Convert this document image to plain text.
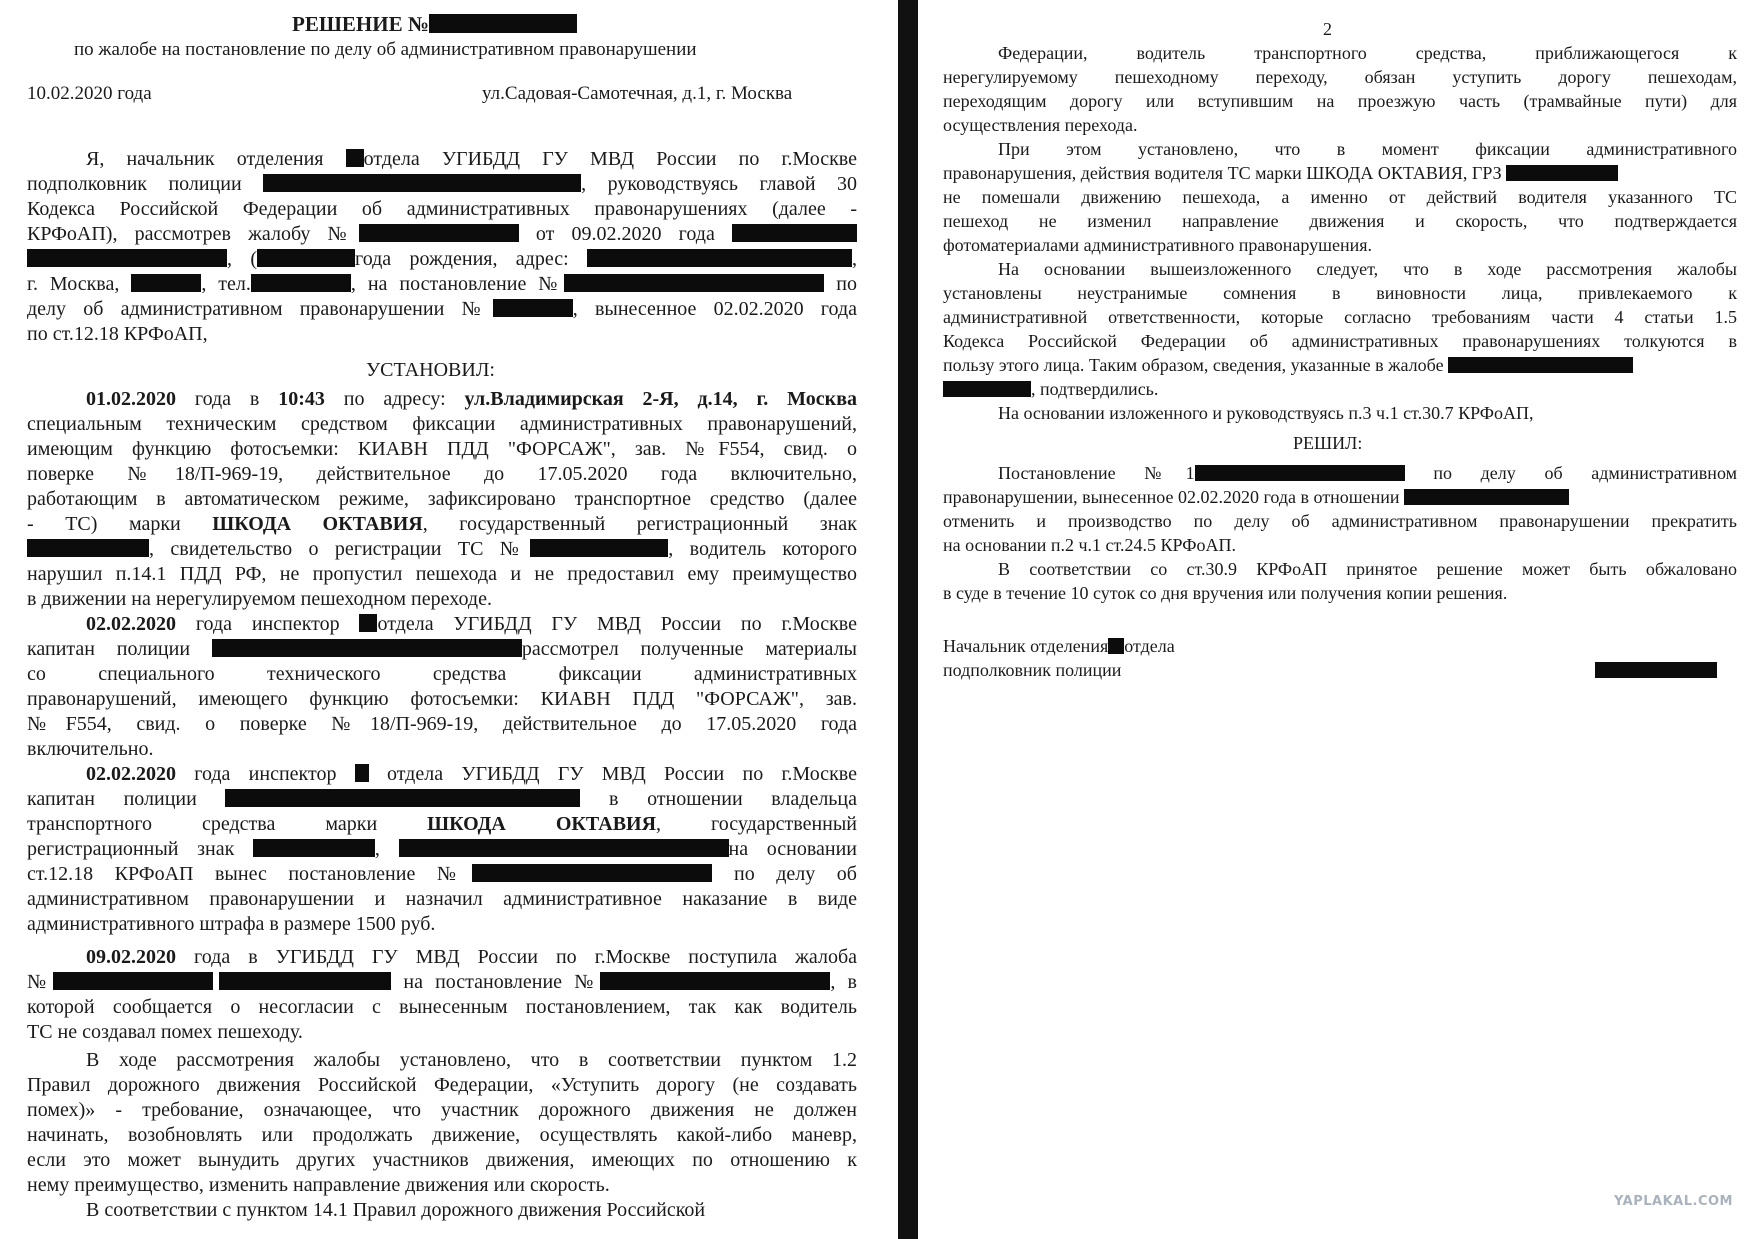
РЕШЕНИЕ №
по жалобе на постановление по делу об административном правонарушении
10.02.2020 года	ул.Садовая-Самотечная, д.1, г. Москва
Я, начальник отделения отдела УГИБДД ГУ МВД России по г.Москве
подполковник полиции	, руководствуясь главой 30
Кодекса Российской Федерации об административных правонарушениях (далее -
КРФоАП), рассмотрев жалобу №	от 09.02.2020 года
, (	года рождения, адрес:	,
г. Москва,	, тел.	, на постановление №	по
делу об административном правонарушении №	, вынесенное 02.02.2020 года
по ст.12.18 КРФоАП,
УСТАНОВИЛ:
01.02.2020 года в 10:43 по адресу: ул.Владимирская 2-Я, д.14, г. Москва
специальным техническим средством фиксации административных правонарушений,
имеющим функцию фотосъемки: КИАВН ПДД "ФОРСАЖ", зав. №F554, свид. о
поверке №18/П-969-19, действительное до 17.05.2020 года включительно,
работающим в автоматическом режиме, зафиксировано транспортное средство (далее
- ТС) марки ШКОДА ОКТАВИЯ, государственный регистрационный знак
, свидетельство о регистрации ТС №	, водитель которого
нарушил п.14.1 ПДД РФ, не пропустил пешехода и не предоставил ему преимущество
в движении на нерегулируемом пешеходном переходе.
02.02.2020 года инспектор отдела УГИБДД ГУ МВД России по г.Москве
капитан полиции	рассмотрел полученные материалы
со специального технического средства фиксации административных
правонарушений, имеющего функцию фотосъемки: КИАВН ПДД "ФОРСАЖ", зав.
№F554, свид. о поверке №18/П-969-19, действительное до 17.05.2020 года
включительно.
02.02.2020 года инспектор  отдела УГИБДД ГУ МВД России по г.Москве
капитан полиции	в отношении владельца
транспортного средства марки ШКОДА ОКТАВИЯ, государственный
регистрационный знак	,	на основании
ст.12.18 КРФоАП вынес постановление №	по делу об
административном правонарушении и назначил административное наказание в виде
административного штрафа в размере 1500 руб.
09.02.2020 года в УГИБДД ГУ МВД России по г.Москве поступила жалоба
№	на постановление №	, в
которой сообщается о несогласии с вынесенным постановлением, так как водитель
ТС не создавал помех пешеходу.
В ходе рассмотрения жалобы установлено, что в соответствии пунктом 1.2
Правил дорожного движения Российской Федерации, «Уступить дорогу (не создавать
помех)» - требование, означающее, что участник дорожного движения не должен
начинать, возобновлять или продолжать движение, осуществлять какой-либо маневр,
если это может вынудить других участников движения, имеющих по отношению к
нему преимущество, изменить направление движения или скорость.
В соответствии с пунктом 14.1 Правил дорожного движения Российской
2
Федерации, водитель транспортного средства, приближающегося к
нерегулируемому пешеходному переходу, обязан уступить дорогу пешеходам,
переходящим дорогу или вступившим на проезжую часть (трамвайные пути) для
осуществления перехода.
При этом установлено, что в момент фиксации административного
правонарушения, действия водителя ТС марки ШКОДА ОКТАВИЯ, ГРЗ
не помешали движению пешехода, а именно от действий водителя указанного ТС
пешеход не изменил направление движения и скорость, что подтверждается
фотоматериалами административного правонарушения.
На основании вышеизложенного следует, что в ходе рассмотрения жалобы
установлены неустранимые сомнения в виновности лица, привлекаемого к
административной ответственности, которые согласно требованиям части 4 статьи 1.5
Кодекса Российской Федерации об административных правонарушениях толкуются в
пользу этого лица. Таким образом, сведения, указанные в жалобе
, подтвердились.
На основании изложенного и руководствуясь п.3 ч.1 ст.30.7 КРФоАП,
РЕШИЛ:
Постановление №1	по делу об административном
правонарушении, вынесенное 02.02.2020 года в отношении
отменить и производство по делу об административном правонарушении прекратить
на основании п.2 ч.1 ст.24.5 КРФоАП.
В соответствии со ст.30.9 КРФоАП принятое решение может быть обжаловано
в суде в течение 10 суток со дня вручения или получения копии решения.
Начальник отделения отдела
подполковник полиции
YAPLAKAL.COM
